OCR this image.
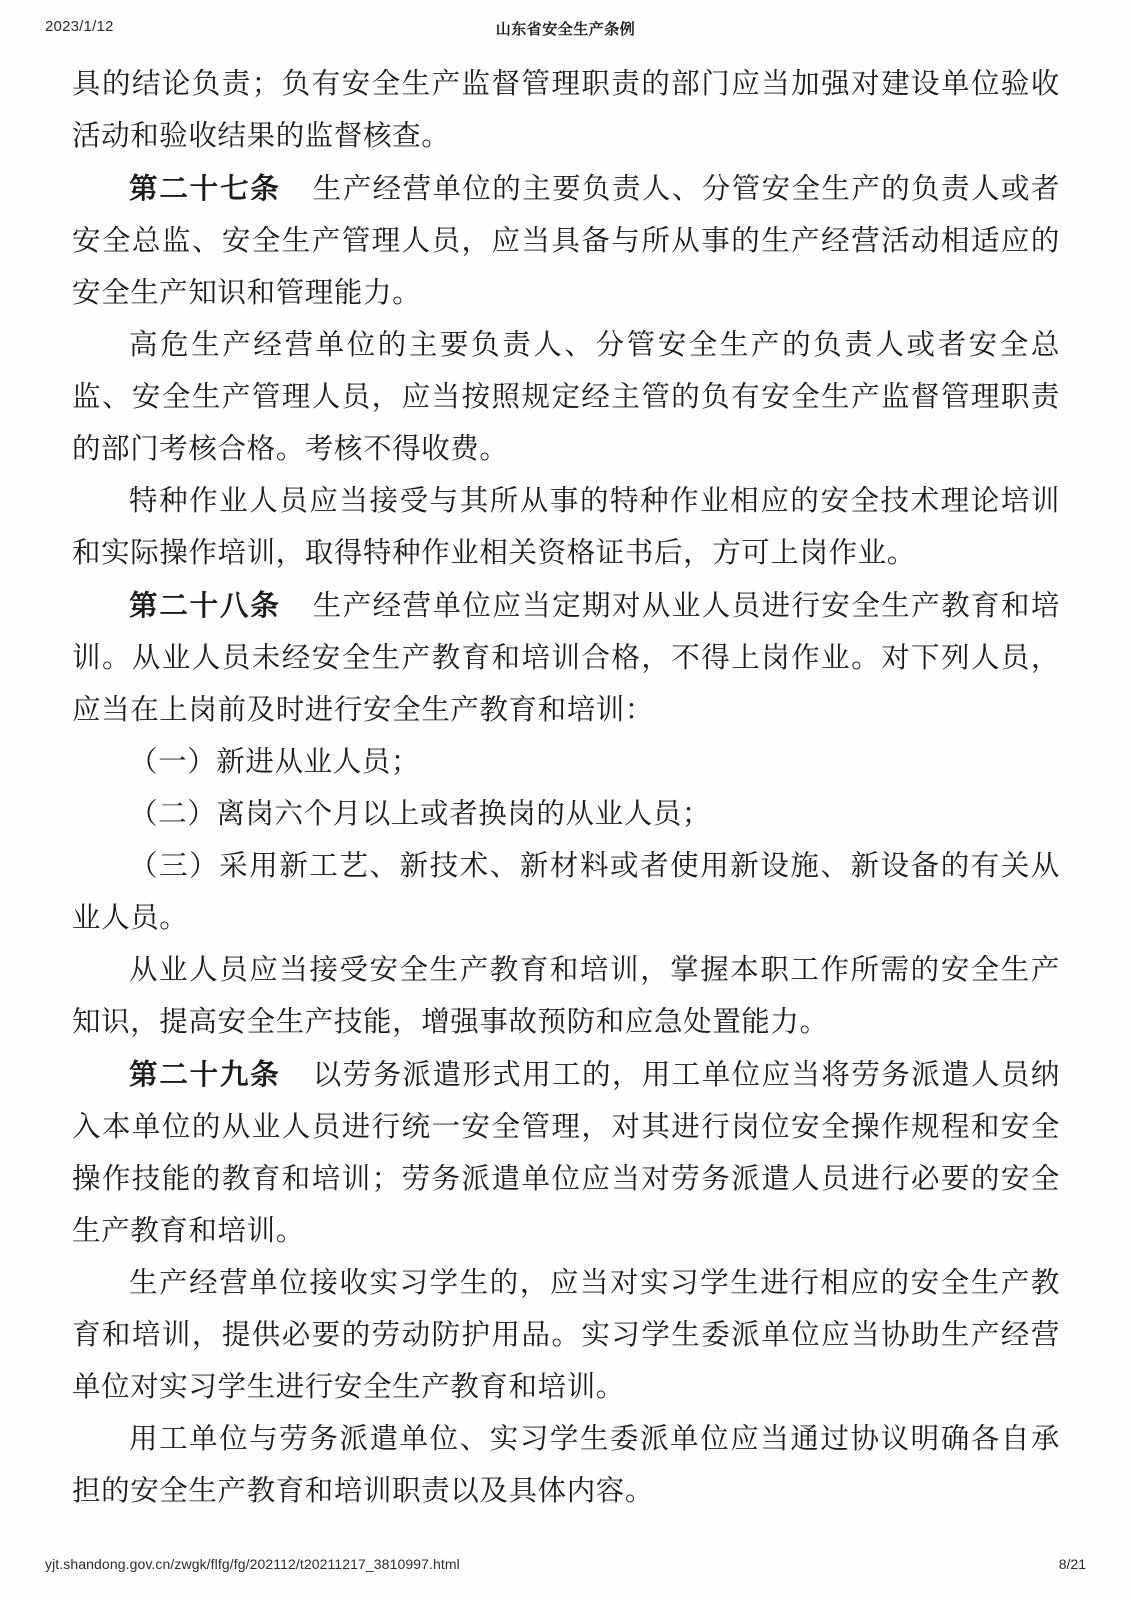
2023/1/12	山东省安全生产条例

具的结论负责；负有安全生产监督管理职责的部门应当加强对建设单位验收活动和验收结果的监督核查。

第二十七条 生产经营单位的主要负责人、分管安全生产的负责人或者安全总监、安全生产管理人员，应当具备与所从事的生产经营活动相适应的安全生产知识和管理能力。

高危生产经营单位的主要负责人、分管安全生产的负责人或者安全总监、安全生产管理人员，应当按照规定经主管的负有安全生产监督管理职责的部门考核合格。考核不得收费。

特种作业人员应当接受与其所从事的特种作业相应的安全技术理论培训和实际操作培训，取得特种作业相关资格证书后，方可上岗作业。

第二十八条 生产经营单位应当定期对从业人员进行安全生产教育和培训。从业人员未经安全生产教育和培训合格，不得上岗作业。对下列人员，应当在上岗前及时进行安全生产教育和培训：

（一）新进从业人员；

（二）离岗六个月以上或者换岗的从业人员；

（三）采用新工艺、新技术、新材料或者使用新设施、新设备的有关从业人员。

从业人员应当接受安全生产教育和培训，掌握本职工作所需的安全生产知识，提高安全生产技能，增强事故预防和应急处置能力。

第二十九条 以劳务派遣形式用工的，用工单位应当将劳务派遣人员纳入本单位的从业人员进行统一安全管理，对其进行岗位安全操作规程和安全操作技能的教育和培训；劳务派遣单位应当对劳务派遣人员进行必要的安全生产教育和培训。

生产经营单位接收实习学生的，应当对实习学生进行相应的安全生产教育和培训，提供必要的劳动防护用品。实习学生委派单位应当协助生产经营单位对实习学生进行安全生产教育和培训。

用工单位与劳务派遣单位、实习学生委派单位应当通过协议明确各自承担的安全生产教育和培训职责以及具体内容。

yjt.shandong.gov.cn/zwgk/flfg/fg/202112/t20211217_3810997.html	8/21
